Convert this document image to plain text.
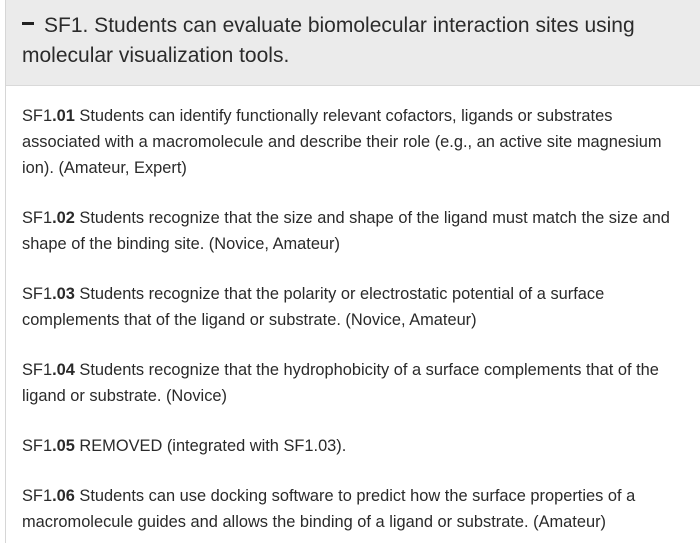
SF1. Students can evaluate biomolecular interaction sites using molecular visualization tools.

SF1.01 Students can identify functionally relevant cofactors, ligands or substrates associated with a macromolecule and describe their role (e.g., an active site magnesium ion). (Amateur, Expert)

SF1.02 Students recognize that the size and shape of the ligand must match the size and shape of the binding site. (Novice, Amateur)

SF1.03 Students recognize that the polarity or electrostatic potential of a surface complements that of the ligand or substrate. (Novice, Amateur)

SF1.04 Students recognize that the hydrophobicity of a surface complements that of the ligand or substrate. (Novice)

SF1.05 REMOVED (integrated with SF1.03).

SF1.06 Students can use docking software to predict how the surface properties of a macromolecule guides and allows the binding of a ligand or substrate. (Amateur)
